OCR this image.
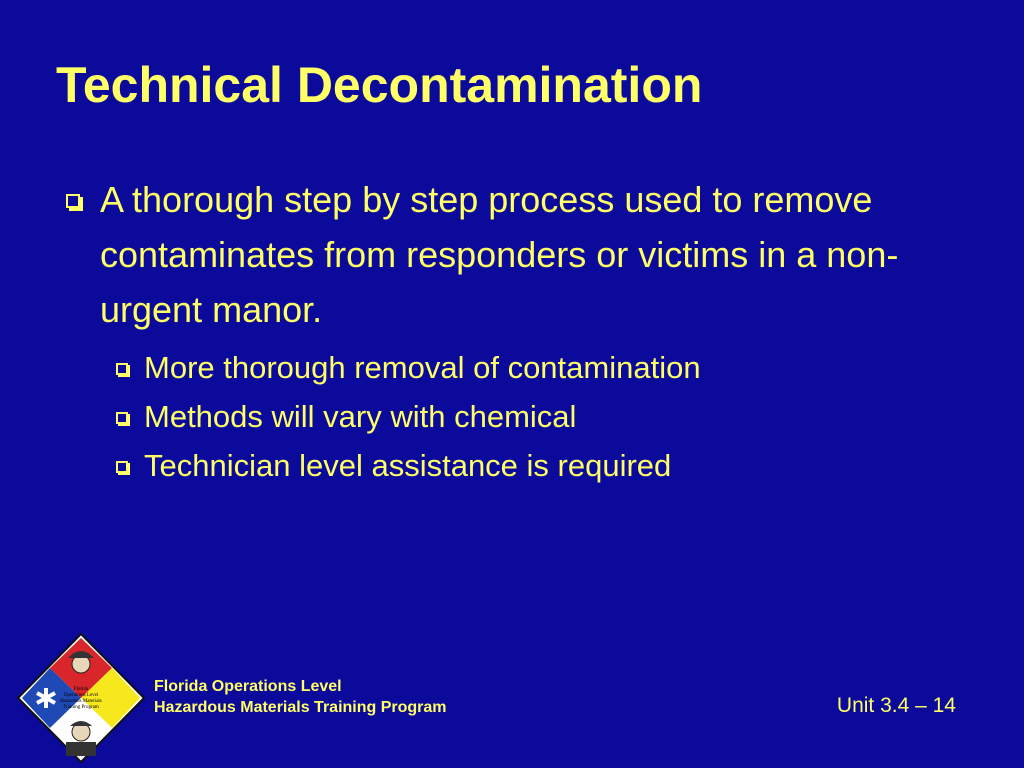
Technical Decontamination
A thorough step by step process used to remove contaminates from responders or victims in a non-urgent manor.
More thorough removal of contamination
Methods will vary with chemical
Technician level assistance is required
Florida
Operations Level
Hazardous Materials
Training Program
Florida Operations Level
Hazardous Materials Training Program	Unit 3.4 – 14
